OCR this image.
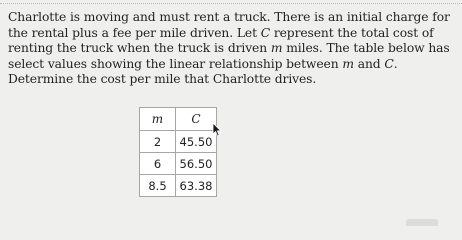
Charlotte is moving and must rent a truck. There is an initial charge for the rental plus a fee per mile driven. Let C represent the total cost of renting the truck when the truck is driven m miles. The table below has select values showing the linear relationship between m and C. Determine the cost per mile that Charlotte drives.

m	C
2	45.50
6	56.50
8.5	63.38
